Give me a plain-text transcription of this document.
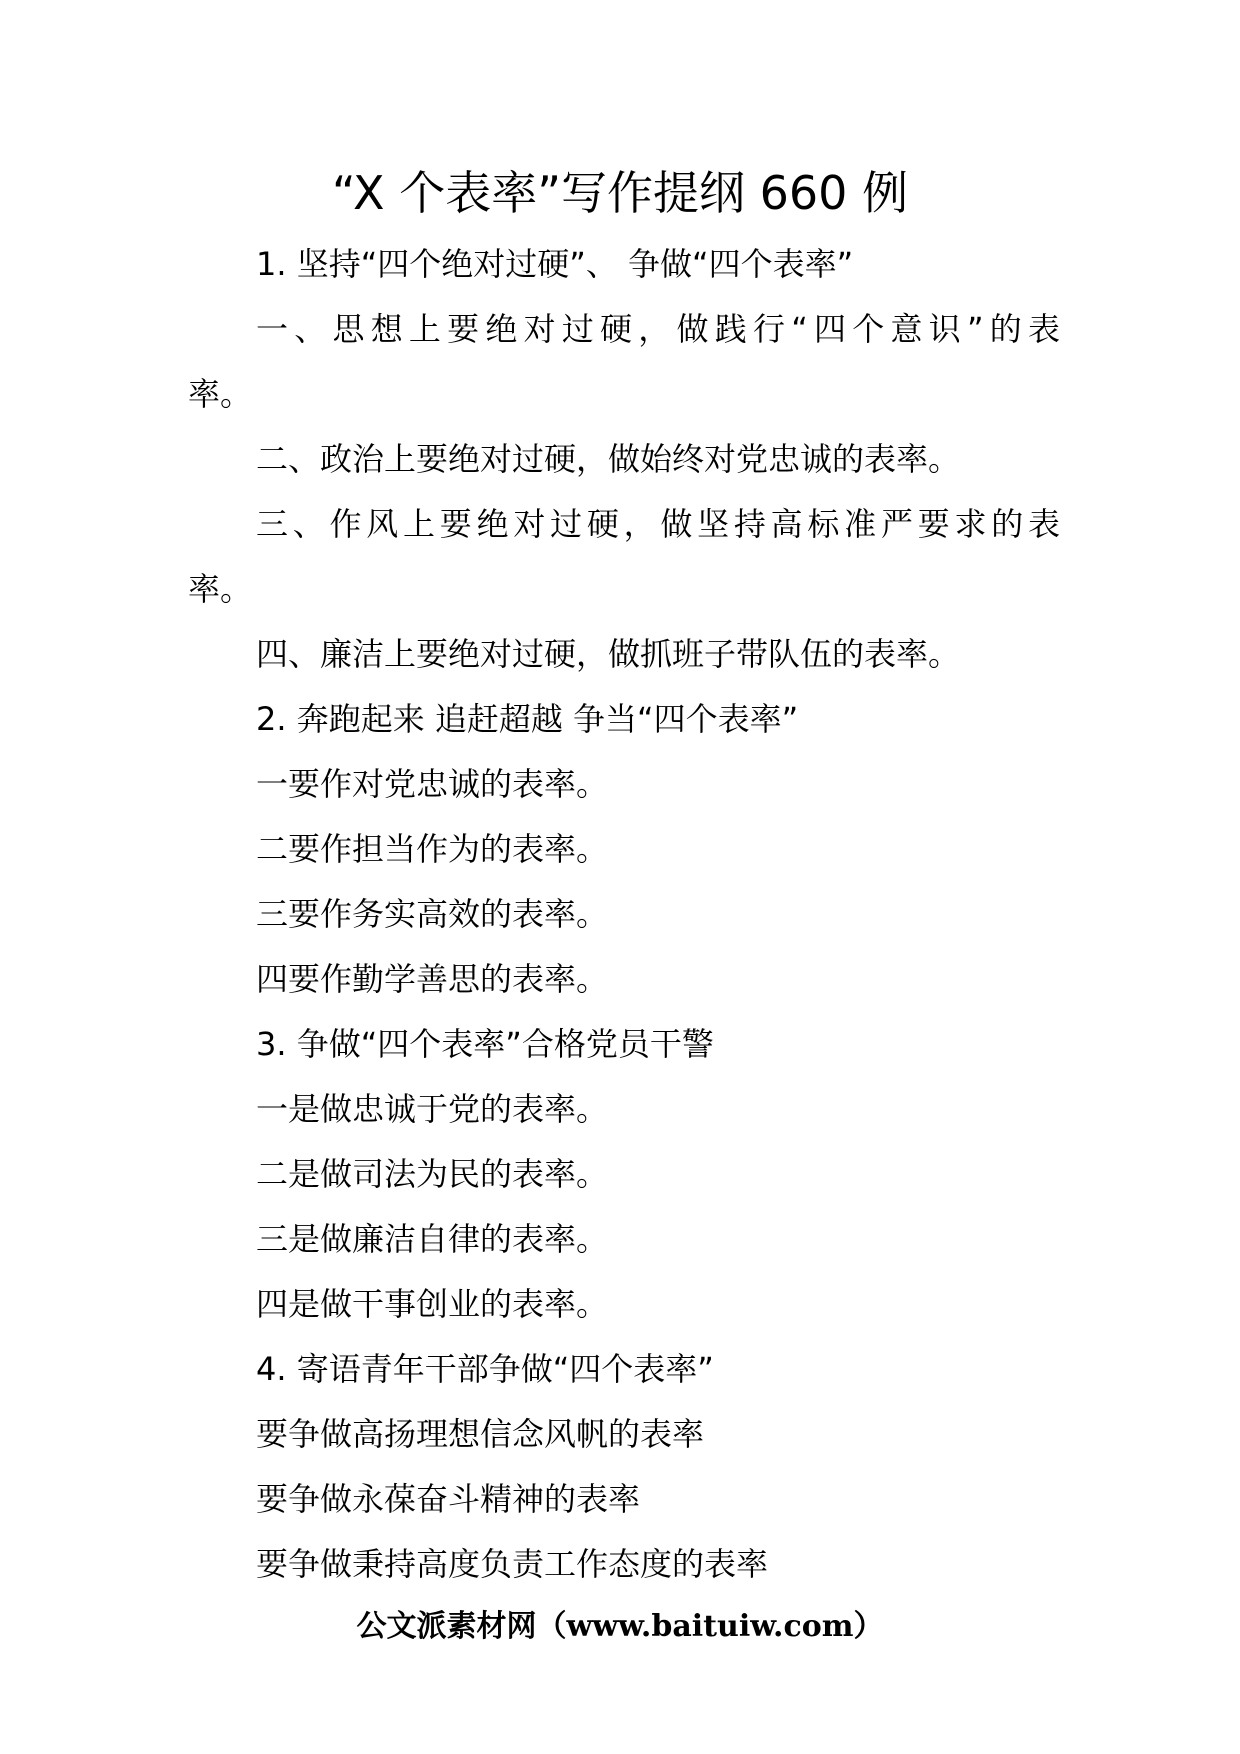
“X 个表率”写作提纲 660 例
1. 坚持“四个绝对过硬”、 争做“四个表率”
一、思想上要绝对过硬，做践行“四个意识”的表
率。
二、政治上要绝对过硬，做始终对党忠诚的表率。
三、作风上要绝对过硬，做坚持高标准严要求的表
率。
四、廉洁上要绝对过硬，做抓班子带队伍的表率。
2. 奔跑起来 追赶超越 争当“四个表率”
一要作对党忠诚的表率。
二要作担当作为的表率。
三要作务实高效的表率。
四要作勤学善思的表率。
3. 争做“四个表率”合格党员干警
一是做忠诚于党的表率。
二是做司法为民的表率。
三是做廉洁自律的表率。
四是做干事创业的表率。
4. 寄语青年干部争做“四个表率”
要争做高扬理想信念风帆的表率
要争做永葆奋斗精神的表率
要争做秉持高度负责工作态度的表率
公文派素材网（www.baituiw.com）
